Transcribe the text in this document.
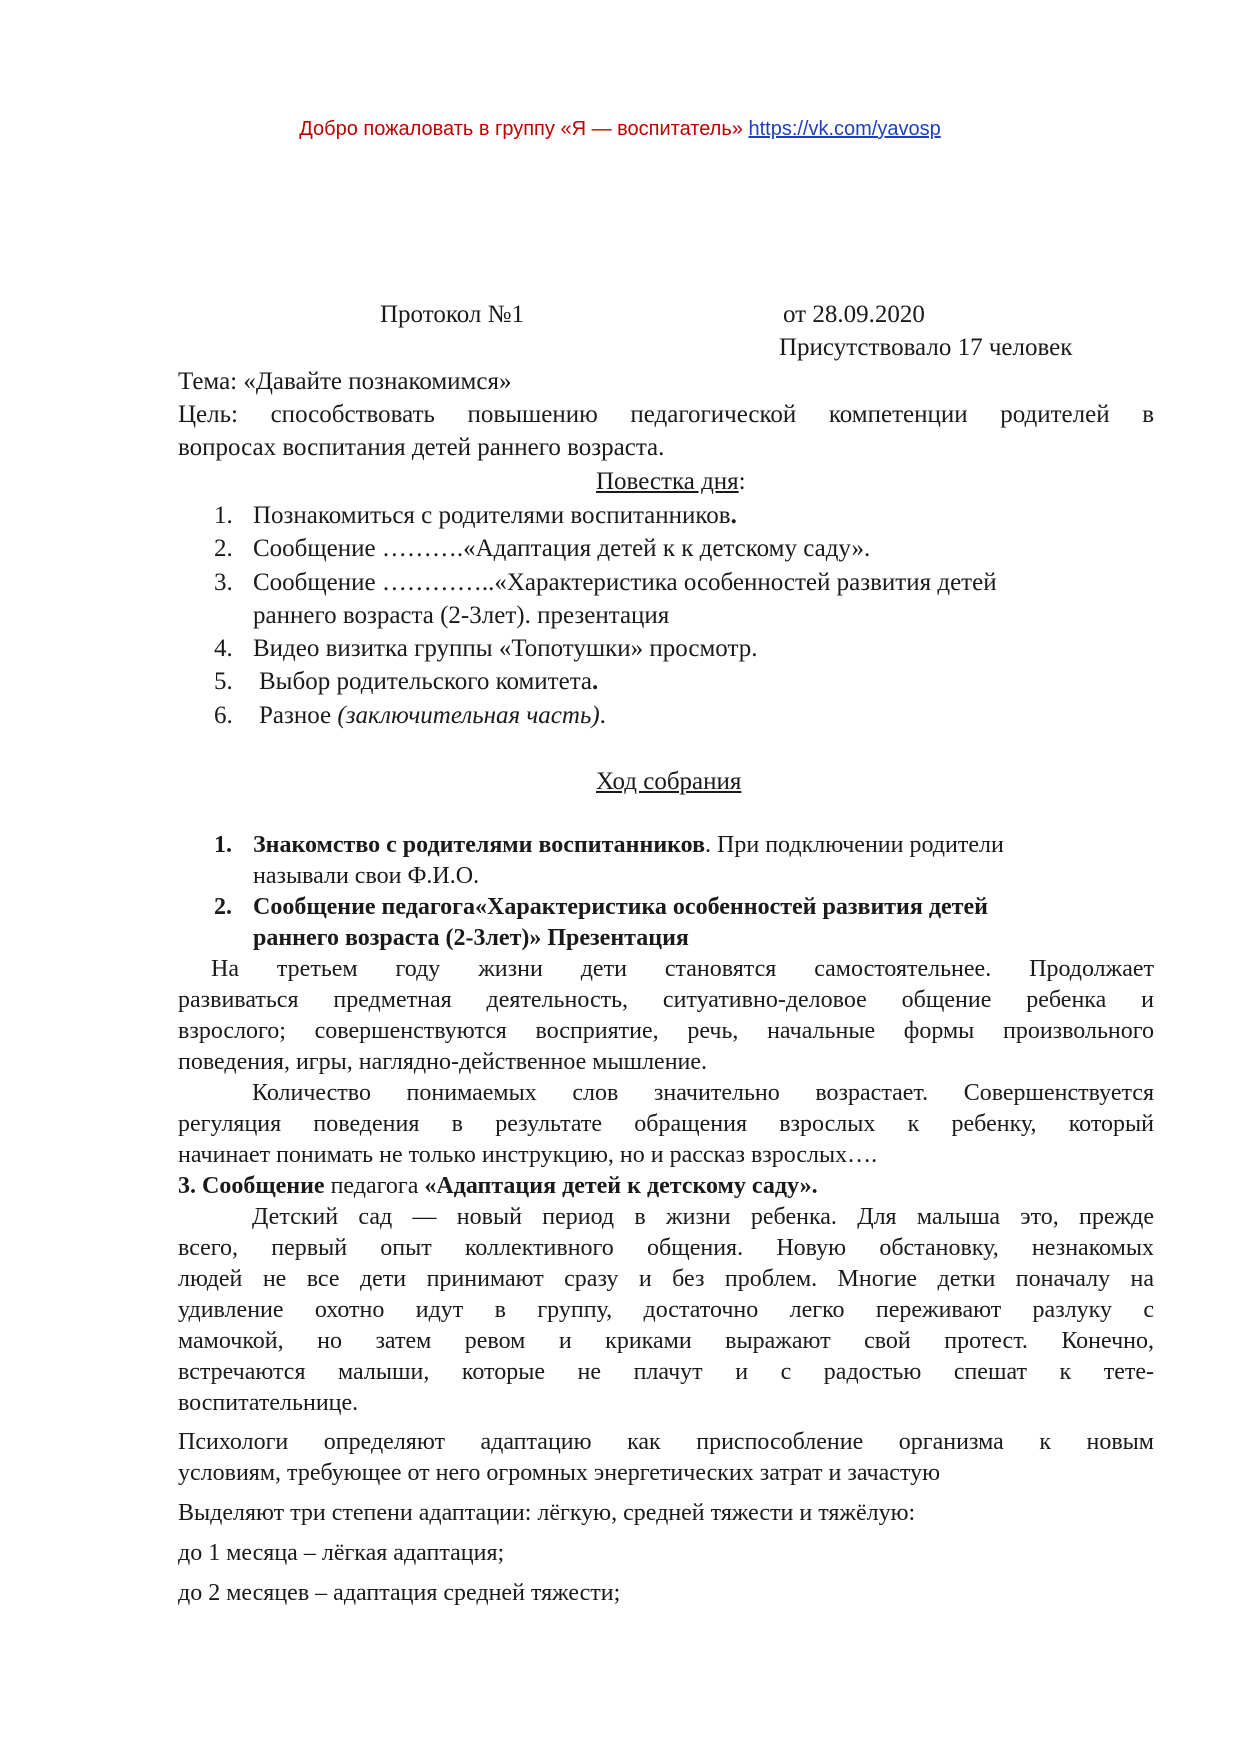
Добро пожаловать в группу «Я — воспитатель» https://vk.com/yavosp
Протокол №1	от 28.09.2020
Присутствовало 17 человек
Тема: «Давайте познакомимся»
Цель: способствовать повышению педагогической компетенции родителей в
вопросах воспитания детей раннего возраста.
Повестка дня:
1. Познакомиться с родителями воспитанников.
2. Сообщение ……….«Адаптация детей к к детскому саду».
3. Сообщение …………..«Характеристика особенностей развития детей
раннего возраста (2-3лет). презентация
4. Видео визитка группы «Топотушки» просмотр.
5. Выбор родительского комитета.
6. Разное (заключительная часть).
Ход собрания
1. Знакомство с родителями воспитанников. При подключении родители
называли свои Ф.И.О.
2. Сообщение педагога«Характеристика особенностей развития детей
раннего возраста (2-3лет)» Презентация
На третьем году жизни дети становятся самостоятельнее. Продолжает
развиваться предметная деятельность, ситуативно-деловое общение ребенка и
взрослого; совершенствуются восприятие, речь, начальные формы произвольного
поведения, игры, наглядно-действенное мышление.
Количество понимаемых слов значительно возрастает. Совершенствуется
регуляция поведения в результате обращения взрослых к ребенку, который
начинает понимать не только инструкцию, но и рассказ взрослых….
3. Сообщение педагога «Адаптация детей к детскому саду».
Детский сад — новый период в жизни ребенка. Для малыша это, прежде
всего, первый опыт коллективного общения. Новую обстановку, незнакомых
людей не все дети принимают сразу и без проблем. Многие детки поначалу на
удивление охотно идут в группу, достаточно легко переживают разлуку с
мамочкой, но затем ревом и криками выражают свой протест. Конечно,
встречаются малыши, которые не плачут и с радостью спешат к тете-
воспитательнице.
Психологи определяют адаптацию как приспособление организма к новым
условиям, требующее от него огромных энергетических затрат и зачастую
Выделяют три степени адаптации: лёгкую, средней тяжести и тяжёлую:
до 1 месяца – лёгкая адаптация;
до 2 месяцев – адаптация средней тяжести;
